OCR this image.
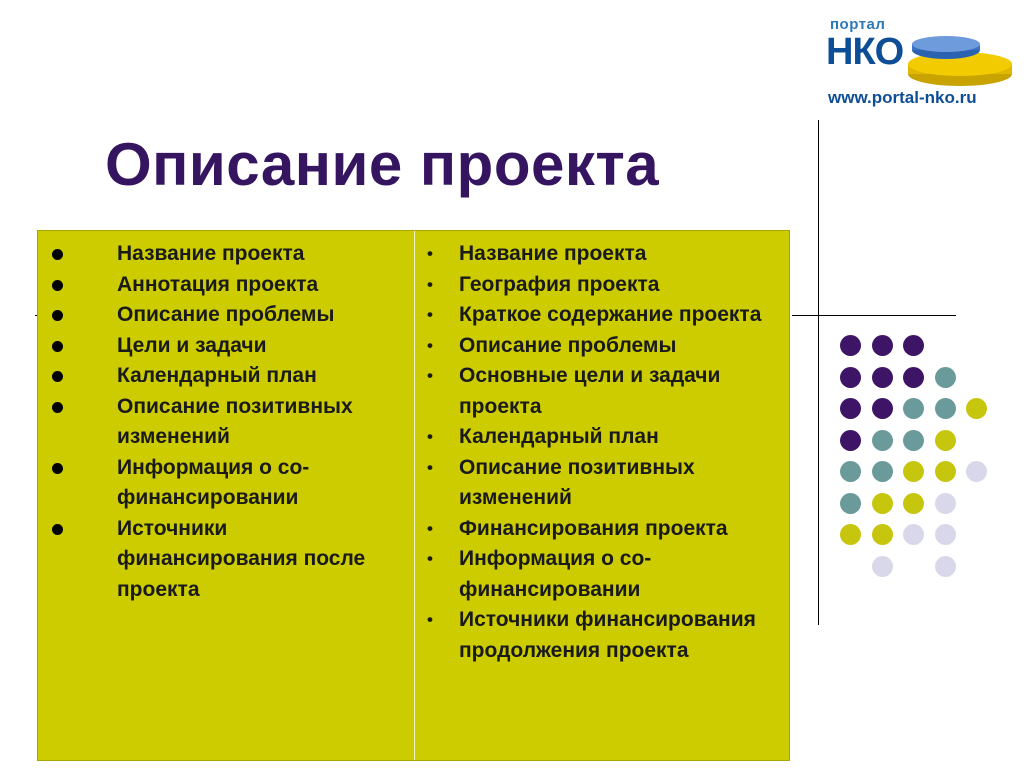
портал
НКО
www.portal-nko.ru
Описание проекта
Название проекта
Аннотация проекта
Описание проблемы
Цели и задачи
Календарный план
Описание позитивных изменений
Информация о со-финансировании
Источники финансирования после проекта
• Название проекта
• География проекта
• Краткое содержание проекта
• Описание проблемы
• Основные цели и задачи проекта
• Календарный план
• Описание позитивных изменений
• Финансирования проекта
• Информация о со-финансировании
• Источники финансирования продолжения проекта
